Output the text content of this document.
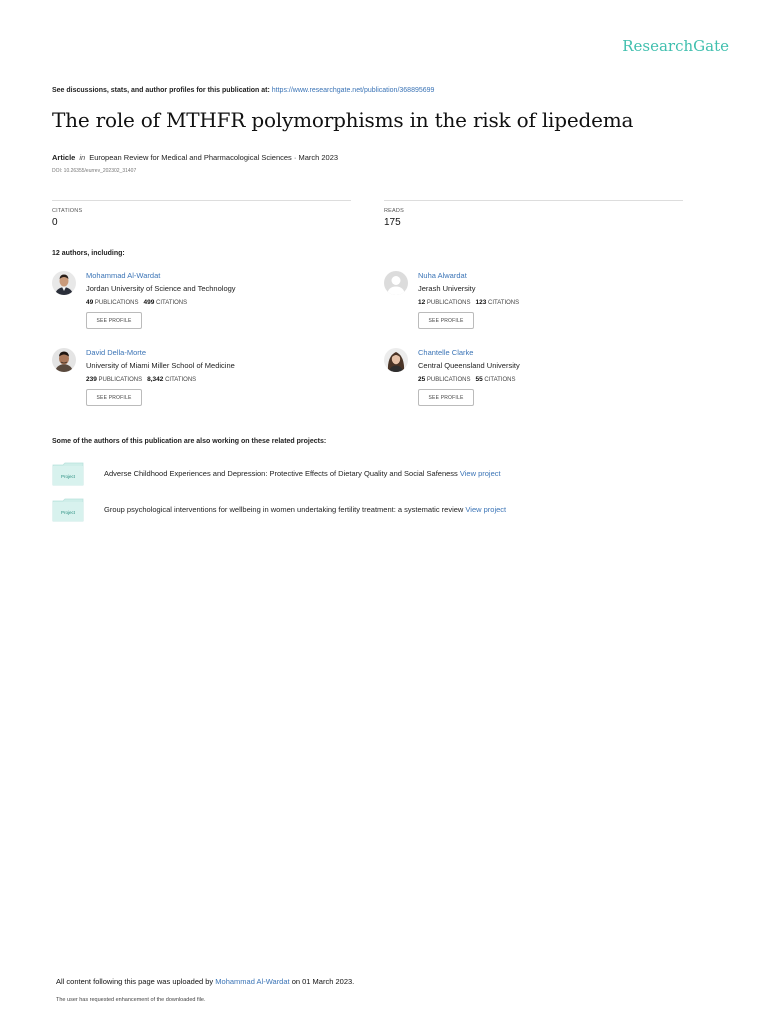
ResearchGate
See discussions, stats, and author profiles for this publication at: https://www.researchgate.net/publication/368895699
The role of MTHFR polymorphisms in the risk of lipedema
Article in European Review for Medical and Pharmacological Sciences · March 2023
DOI: 10.26355/eurrev_202302_31407
CITATIONS
0
READS
175
12 authors, including:
Mohammad Al-Wardat
Jordan University of Science and Technology
49 PUBLICATIONS 499 CITATIONS
SEE PROFILE
Nuha Alwardat
Jerash University
12 PUBLICATIONS 123 CITATIONS
SEE PROFILE
David Della-Morte
University of Miami Miller School of Medicine
239 PUBLICATIONS 8,342 CITATIONS
SEE PROFILE
Chantelle Clarke
Central Queensland University
25 PUBLICATIONS 55 CITATIONS
SEE PROFILE
Some of the authors of this publication are also working on these related projects:
Project	Adverse Childhood Experiences and Depression: Protective Effects of Dietary Quality and Social Safeness View project
Project	Group psychological interventions for wellbeing in women undertaking fertility treatment: a systematic review View project
All content following this page was uploaded by Mohammad Al-Wardat on 01 March 2023.
The user has requested enhancement of the downloaded file.
